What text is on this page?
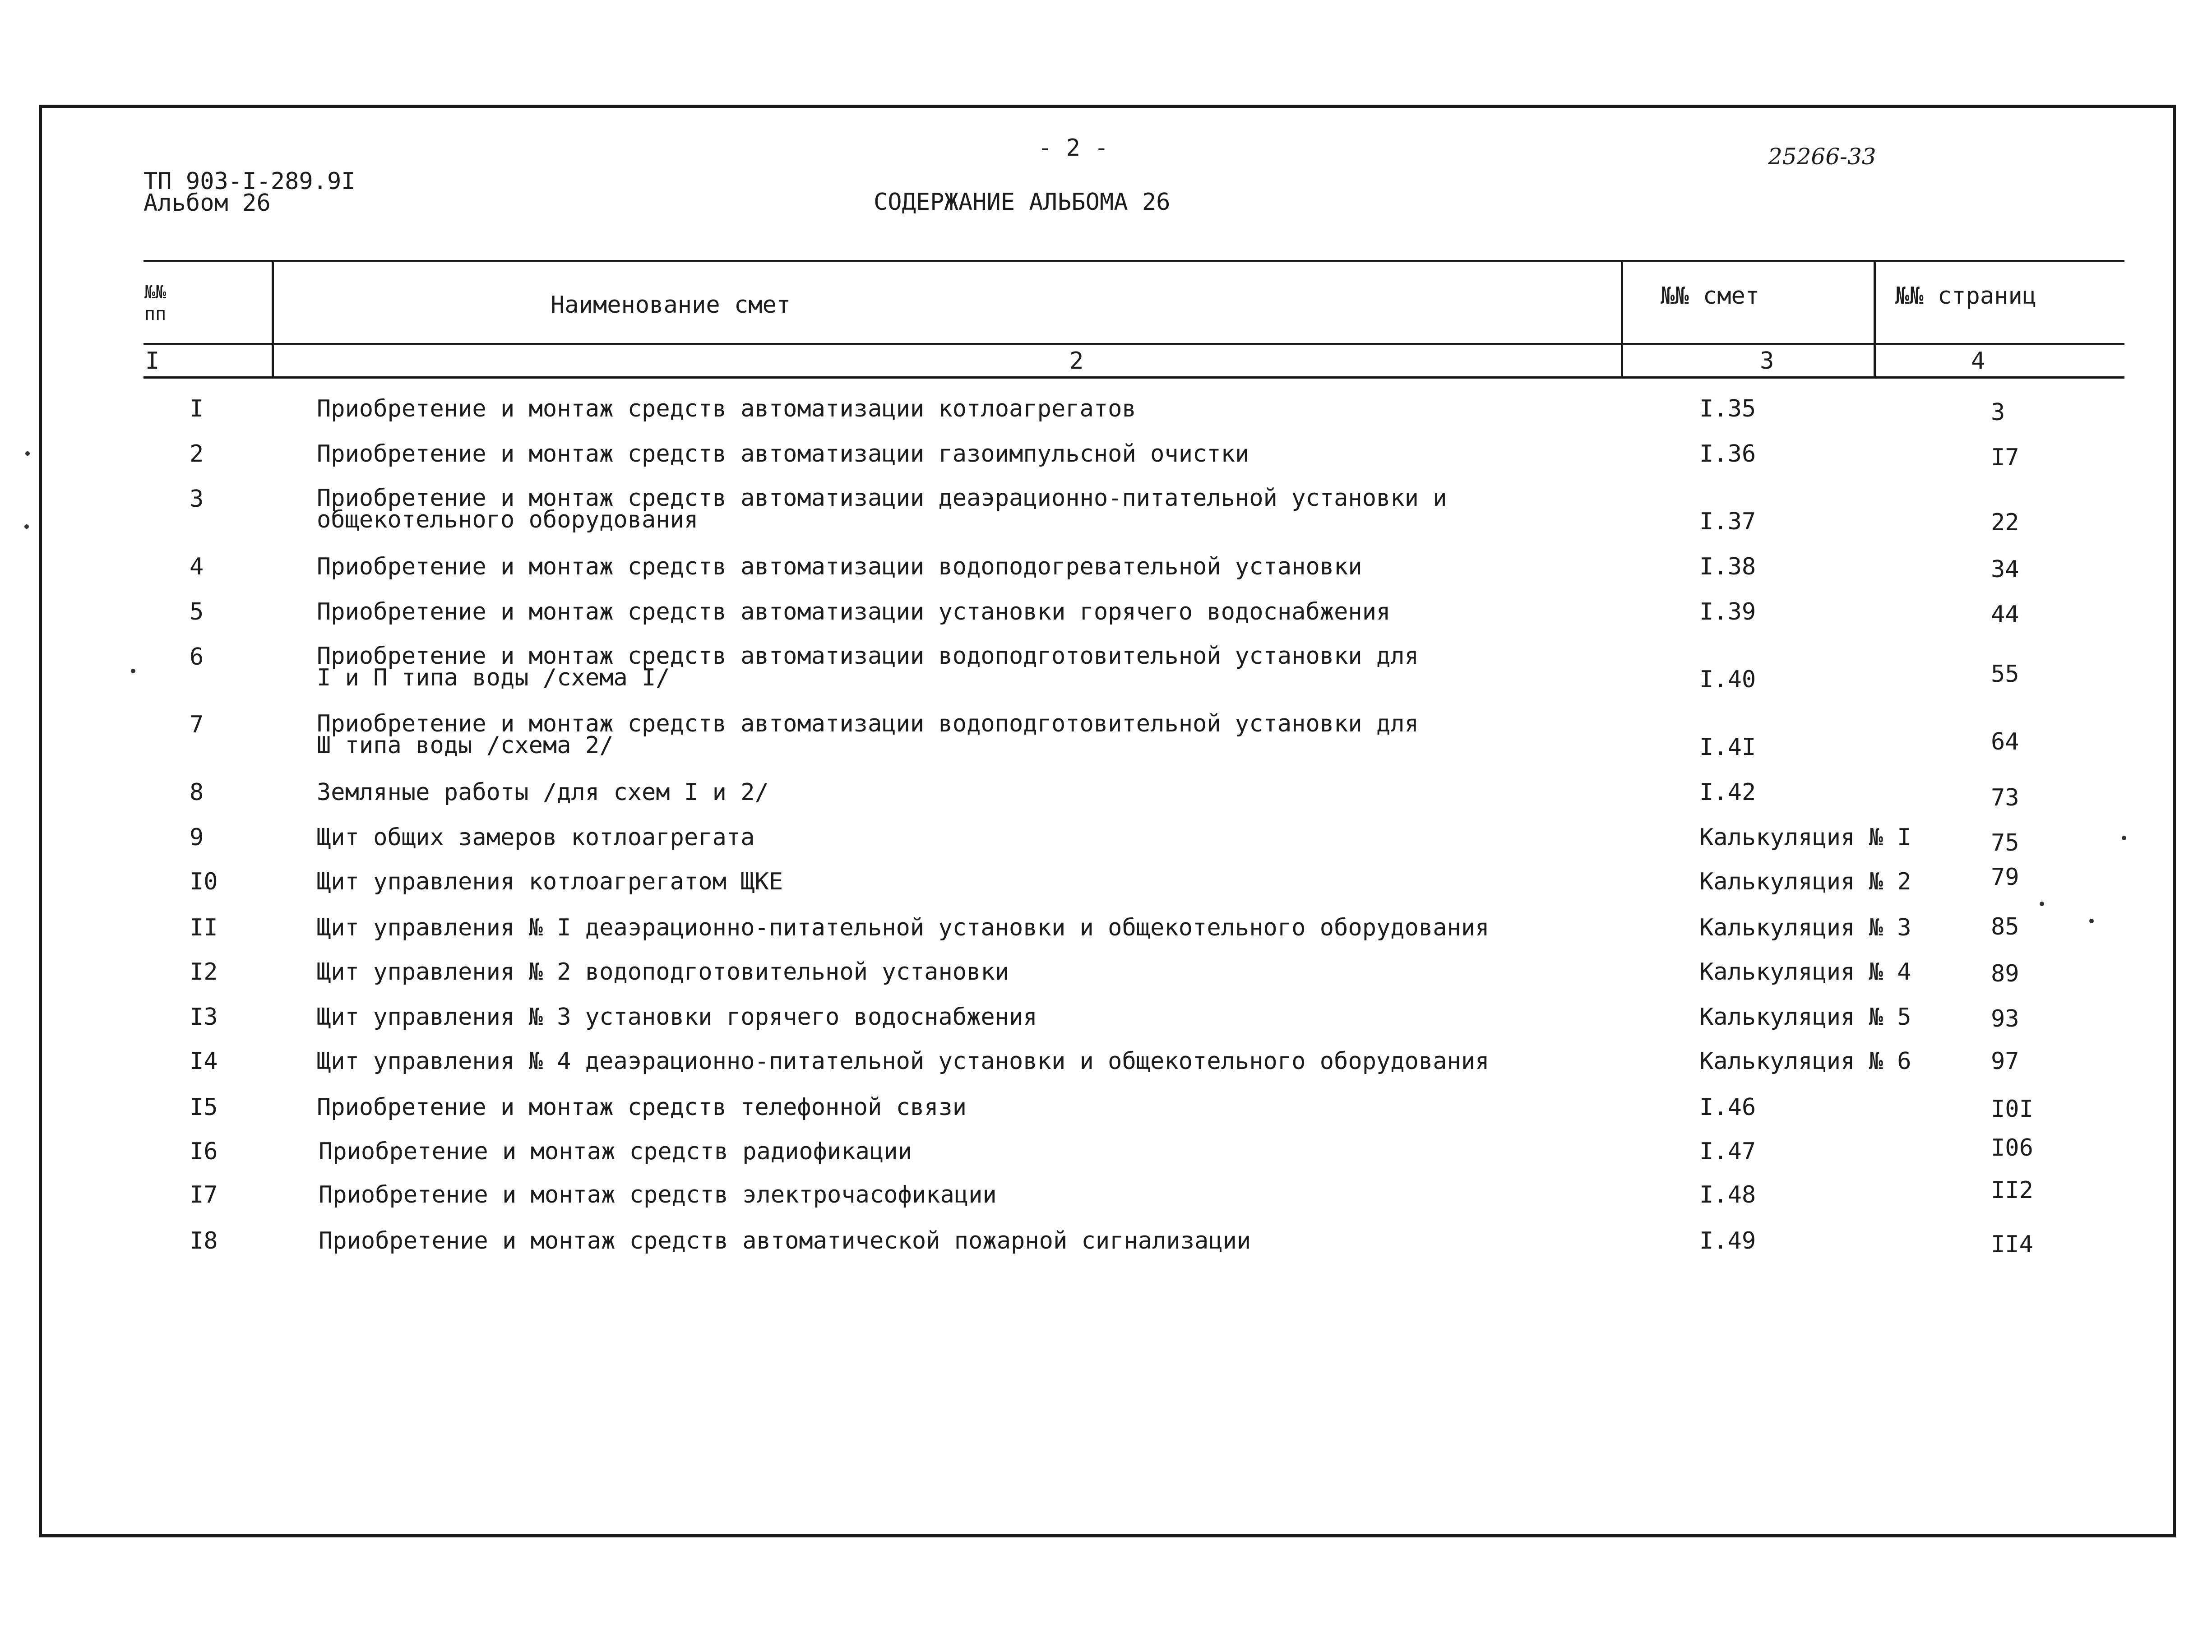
ТП 903-I-289.9I
Альбом 26
- 2 -
СОДЕРЖАНИЕ АЛЬБОМА 26
25266-33
№№
пп	Наименование смет	№№ смет	№№ страниц
I	2	3	4
I	Приобретение и монтаж средств автоматизации котлоагрегатов	I.35	3
2	Приобретение и монтаж средств автоматизации газоимпульсной очистки	I.36	I7
3	Приобретение и монтаж средств автоматизации деаэрационно-питательной установки и
общекотельного оборудования	I.37	22
4	Приобретение и монтаж средств автоматизации водоподогревательной установки	I.38	34
5	Приобретение и монтаж средств автоматизации установки горячего водоснабжения	I.39	44
6	Приобретение и монтаж средств автоматизации водоподготовительной установки для
I и П типа воды /схема I/	I.40	55
7	Приобретение и монтаж средств автоматизации водоподготовительной установки для
Ш типа воды /схема 2/	I.4I	64
8	Земляные работы /для схем I и 2/	I.42	73
9	Щит общих замеров котлоагрегата	Калькуляция № I	75
I0	Щит управления котлоагрегатом ЩКЕ	Калькуляция № 2	79
II	Щит управления № I деаэрационно-питательной установки и общекотельного оборудования	Калькуляция № 3	85
I2	Щит управления № 2 водоподготовительной установки	Калькуляция № 4	89
I3	Щит управления № 3 установки горячего водоснабжения	Калькуляция № 5	93
I4	Щит управления № 4 деаэрационно-питательной установки и общекотельного оборудования	Калькуляция № 6	97
I5	Приобретение и монтаж средств телефонной связи	I.46	I0I
I6	Приобретение и монтаж средств радиофикации	I.47	I06
I7	Приобретение и монтаж средств электрочасофикации	I.48	II2
I8	Приобретение и монтаж средств автоматической пожарной сигнализации	I.49	II4
